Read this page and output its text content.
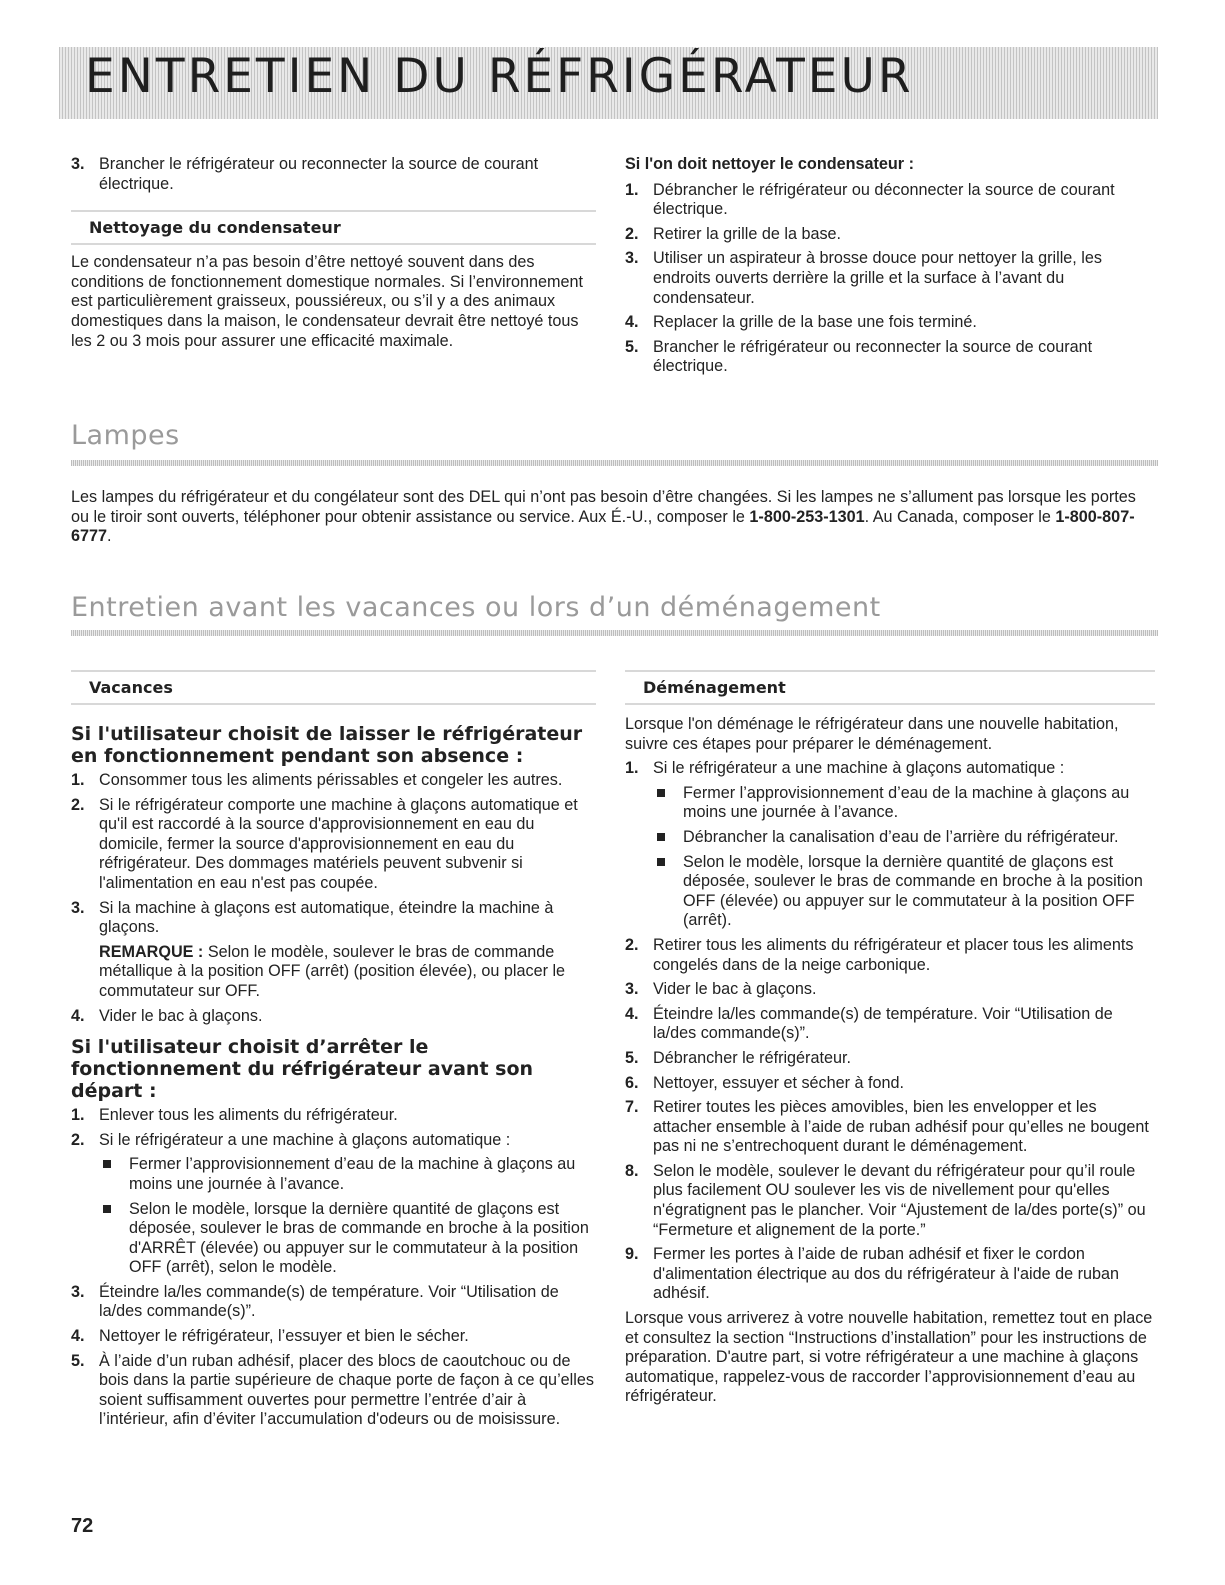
ENTRETIEN DU RÉFRIGÉRATEUR
3. Brancher le réfrigérateur ou reconnecter la source de courant électrique.

Nettoyage du condensateur

Le condensateur n’a pas besoin d’être nettoyé souvent dans des conditions de fonctionnement domestique normales. Si l’environnement est particulièrement graisseux, poussiéreux, ou s’il y a des animaux domestiques dans la maison, le condensateur devrait être nettoyé tous les 2 ou 3 mois pour assurer une efficacité maximale.

Si l'on doit nettoyer le condensateur :

1. Débrancher le réfrigérateur ou déconnecter la source de courant électrique.

2. Retirer la grille de la base.

3. Utiliser un aspirateur à brosse douce pour nettoyer la grille, les endroits ouverts derrière la grille et la surface à l’avant du condensateur.

4. Replacer la grille de la base une fois terminé.

5. Brancher le réfrigérateur ou reconnecter la source de courant électrique.

Lampes
Les lampes du réfrigérateur et du congélateur sont des DEL qui n’ont pas besoin d’être changées. Si les lampes ne s’allument pas lorsque les portes ou le tiroir sont ouverts, téléphoner pour obtenir assistance ou service. Aux É.-U., composer le 1-800-253-1301. Au Canada, composer le 1-800-807-6777.
Entretien avant les vacances ou lors d’un déménagement
Vacances

Si l'utilisateur choisit de laisser le réfrigérateur en fonctionnement pendant son absence :

1. Consommer tous les aliments périssables et congeler les autres.

2. Si le réfrigérateur comporte une machine à glaçons automatique et qu'il est raccordé à la source d'approvisionnement en eau du domicile, fermer la source d'approvisionnement en eau du réfrigérateur. Des dommages matériels peuvent subvenir si l'alimentation en eau n'est pas coupée.

3. Si la machine à glaçons est automatique, éteindre la machine à glaçons.

REMARQUE : Selon le modèle, soulever le bras de commande métallique à la position OFF (arrêt) (position élevée), ou placer le commutateur sur OFF.

4. Vider le bac à glaçons.

Si l'utilisateur choisit d’arrêter le fonctionnement du réfrigérateur avant son départ :

1. Enlever tous les aliments du réfrigérateur.

2. Si le réfrigérateur a une machine à glaçons automatique :

Fermer l’approvisionnement d’eau de la machine à glaçons au moins une journée à l’avance.

Selon le modèle, lorsque la dernière quantité de glaçons est déposée, soulever le bras de commande en broche à la position d'ARRÊT (élevée) ou appuyer sur le commutateur à la position OFF (arrêt), selon le modèle.

3. Éteindre la/les commande(s) de température. Voir “Utilisation de la/des commande(s)”.

4. Nettoyer le réfrigérateur, l’essuyer et bien le sécher.

5. À l’aide d’un ruban adhésif, placer des blocs de caoutchouc ou de bois dans la partie supérieure de chaque porte de façon à ce qu’elles soient suffisamment ouvertes pour permettre l’entrée d’air à l’intérieur, afin d’éviter l’accumulation d'odeurs ou de moisissure.

Déménagement

Lorsque l'on déménage le réfrigérateur dans une nouvelle habitation, suivre ces étapes pour préparer le déménagement.

1. Si le réfrigérateur a une machine à glaçons automatique :

Fermer l’approvisionnement d’eau de la machine à glaçons au moins une journée à l’avance.

Débrancher la canalisation d’eau de l’arrière du réfrigérateur.

Selon le modèle, lorsque la dernière quantité de glaçons est déposée, soulever le bras de commande en broche à la position OFF (élevée) ou appuyer sur le commutateur à la position OFF (arrêt).

2. Retirer tous les aliments du réfrigérateur et placer tous les aliments congelés dans de la neige carbonique.

3. Vider le bac à glaçons.

4. Éteindre la/les commande(s) de température. Voir “Utilisation de la/des commande(s)”.

5. Débrancher le réfrigérateur.

6. Nettoyer, essuyer et sécher à fond.

7. Retirer toutes les pièces amovibles, bien les envelopper et les attacher ensemble à l’aide de ruban adhésif pour qu’elles ne bougent pas ni ne s’entrechoquent durant le déménagement.

8. Selon le modèle, soulever le devant du réfrigérateur pour qu’il roule plus facilement OU soulever les vis de nivellement pour qu'elles n'égratignent pas le plancher. Voir “Ajustement de la/des porte(s)” ou “Fermeture et alignement de la porte.”

9. Fermer les portes à l’aide de ruban adhésif et fixer le cordon d'alimentation électrique au dos du réfrigérateur à l'aide de ruban adhésif.

Lorsque vous arriverez à votre nouvelle habitation, remettez tout en place et consultez la section “Instructions d’installation” pour les instructions de préparation. D'autre part, si votre réfrigérateur a une machine à glaçons automatique, rappelez-vous de raccorder l’approvisionnement d’eau au réfrigérateur.

72
